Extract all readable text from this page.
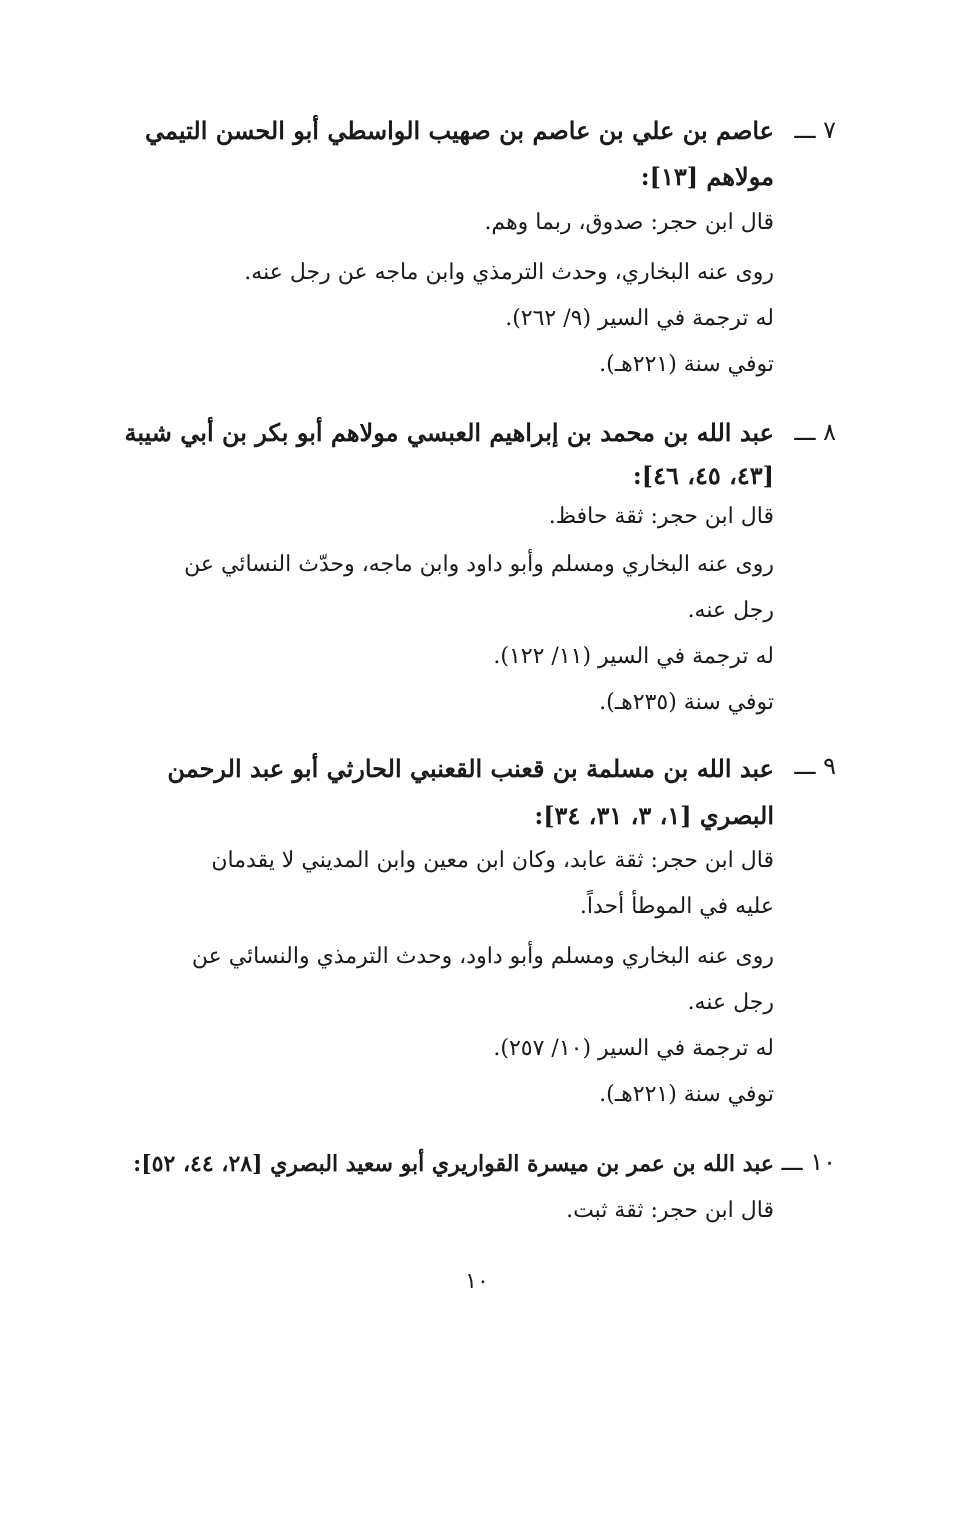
٧ ـــ
عاصم بن علي بن عاصم بن صهيب الواسطي أبو الحسن التيمي
مولاهم [١٣]:

قال ابن حجر: صدوق، ربما وهم.

روى عنه البخاري، وحدث الترمذي وابن ماجه عن رجل عنه.

له ترجمة في السير (٩/ ٢٦٢).

توفي سنة (٢٢١هـ).

٨ ـــ
عبد الله بن محمد بن إبراهيم العبسي مولاهم أبو بكر بن أبي شيبة
[٤٣، ٤٥، ٤٦]:

قال ابن حجر: ثقة حافظ.

روى عنه البخاري ومسلم وأبو داود وابن ماجه، وحدّث النسائي عن

رجل عنه.

له ترجمة في السير (١١/ ١٢٢).

توفي سنة (٢٣٥هـ).

٩ ـــ
عبد الله بن مسلمة بن قعنب القعنبي الحارثي أبو عبد الرحمن
البصري [١، ٣، ٣١، ٣٤]:

قال ابن حجر: ثقة عابد، وكان ابن معين وابن المديني لا يقدمان

عليه في الموطأ أحداً.

روى عنه البخاري ومسلم وأبو داود، وحدث الترمذي والنسائي عن

رجل عنه.

له ترجمة في السير (١٠/ ٢٥٧).

توفي سنة (٢٢١هـ).

١٠ ـــ
عبد الله بن عمر بن ميسرة القواريري أبو سعيد البصري [٢٨، ٤٤، ٥٢]:

قال ابن حجر: ثقة ثبت.

١٠
